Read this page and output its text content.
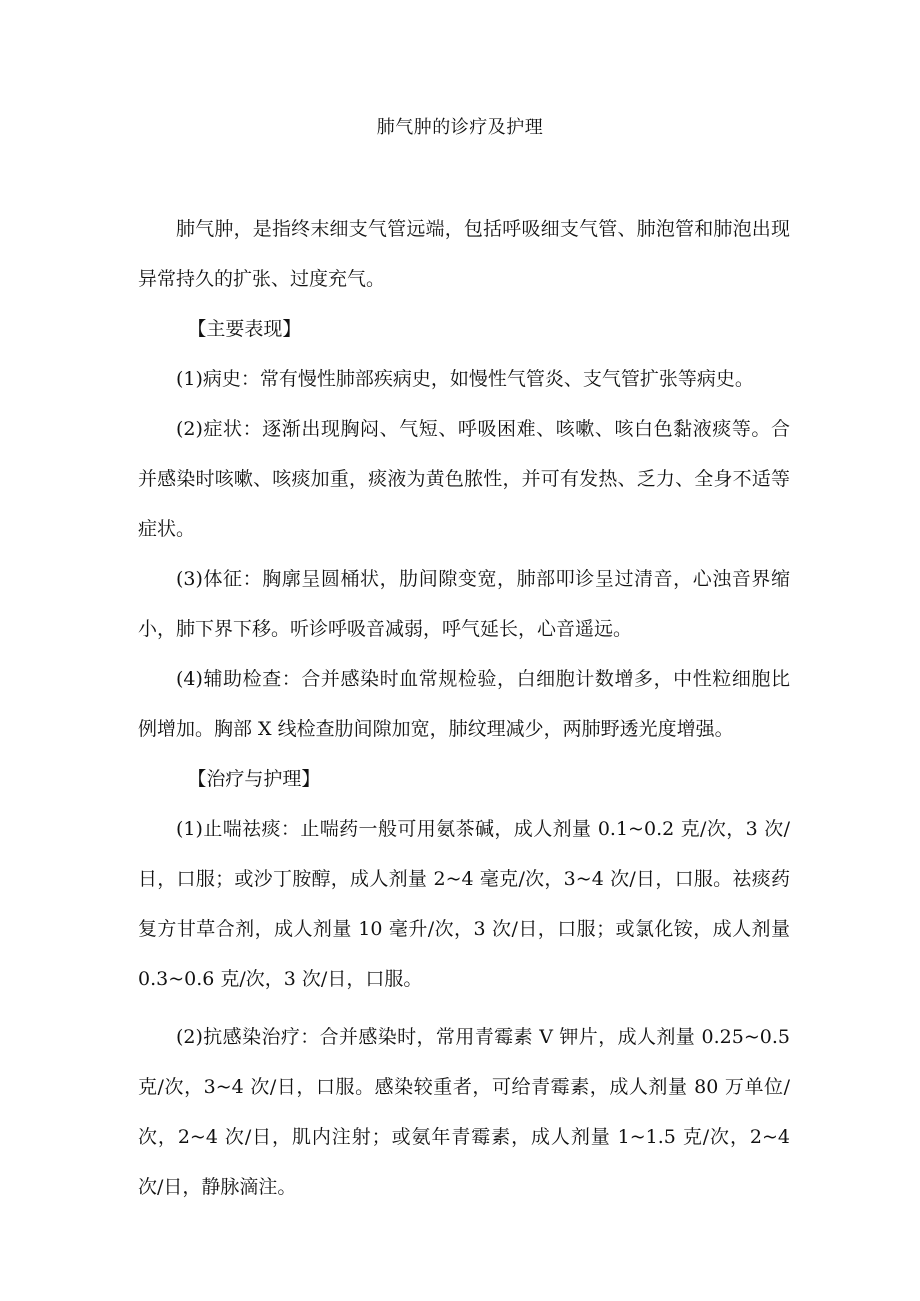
肺气肿的诊疗及护理

肺气肿，是指终末细支气管远端，包括呼吸细支气管、肺泡管和肺泡出现异常持久的扩张、过度充气。

【主要表现】

(1)病史：常有慢性肺部疾病史，如慢性气管炎、支气管扩张等病史。

(2)症状：逐渐出现胸闷、气短、呼吸困难、咳嗽、咳白色黏液痰等。合并感染时咳嗽、咳痰加重，痰液为黄色脓性，并可有发热、乏力、全身不适等症状。

(3)体征：胸廓呈圆桶状，肋间隙变宽，肺部叩诊呈过清音，心浊音界缩小，肺下界下移。听诊呼吸音减弱，呼气延长，心音遥远。

(4)辅助检查：合并感染时血常规检验，白细胞计数增多，中性粒细胞比例增加。胸部 X 线检查肋间隙加宽，肺纹理减少，两肺野透光度增强。

【治疗与护理】

(1)止喘祛痰：止喘药一般可用氨茶碱，成人剂量 0.1~0.2 克/次，3 次/日，口服；或沙丁胺醇，成人剂量 2~4 毫克/次，3~4 次/日，口服。祛痰药复方甘草合剂，成人剂量 10 毫升/次，3 次/日，口服；或氯化铵，成人剂量 0.3~0.6 克/次，3 次/日，口服。

(2)抗感染治疗：合并感染时，常用青霉素 V 钾片，成人剂量 0.25~0.5 克/次，3~4 次/日，口服。感染较重者，可给青霉素，成人剂量 80 万单位/次，2~4 次/日，肌内注射；或氨年青霉素，成人剂量 1~1.5 克/次，2~4 次/日，静脉滴注。
